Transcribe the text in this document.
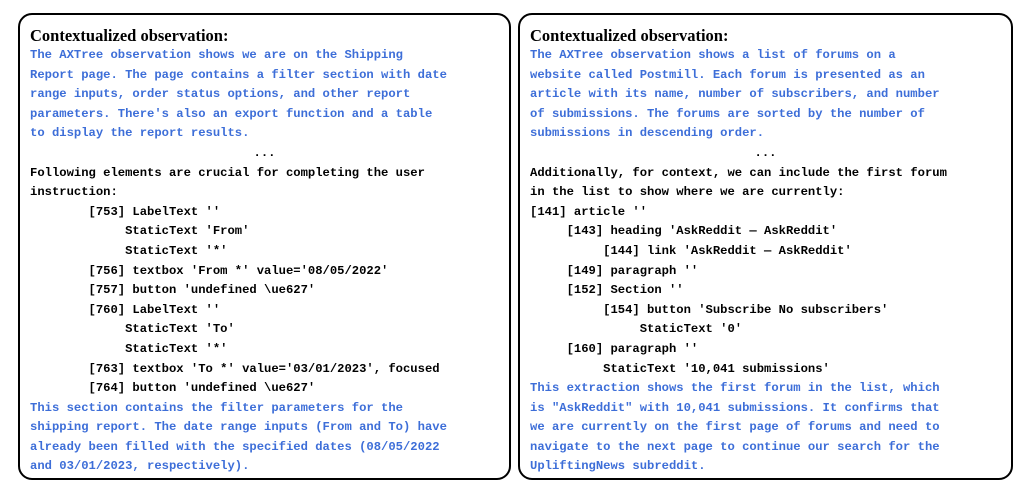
Contextualized observation:
The AXTree observation shows we are on the Shipping
Report page. The page contains a filter section with date
range inputs, order status options, and other report
parameters. There's also an export function and a table
to display the report results.
...
Following elements are crucial for completing the user
instruction:
[753] LabelText ''
StaticText 'From'
StaticText '*'
[756] textbox 'From *' value='08/05/2022'
[757] button 'undefined \ue627'
[760] LabelText ''
StaticText 'To'
StaticText '*'
[763] textbox 'To *' value='03/01/2023', focused
[764] button 'undefined \ue627'
This section contains the filter parameters for the
shipping report. The date range inputs (From and To) have
already been filled with the specified dates (08/05/2022
and 03/01/2023, respectively).
Contextualized observation:
The AXTree observation shows a list of forums on a
website called Postmill. Each forum is presented as an
article with its name, number of subscribers, and number
of submissions. The forums are sorted by the number of
submissions in descending order.
...
Additionally, for context, we can include the first forum
in the list to show where we are currently:
[141] article ''
[143] heading 'AskReddit — AskReddit'
[144] link 'AskReddit — AskReddit'
[149] paragraph ''
[152] Section ''
[154] button 'Subscribe No subscribers'
StaticText '0'
[160] paragraph ''
StaticText '10,041 submissions'
This extraction shows the first forum in the list, which
is "AskReddit" with 10,041 submissions. It confirms that
we are currently on the first page of forums and need to
navigate to the next page to continue our search for the
UpliftingNews subreddit.
